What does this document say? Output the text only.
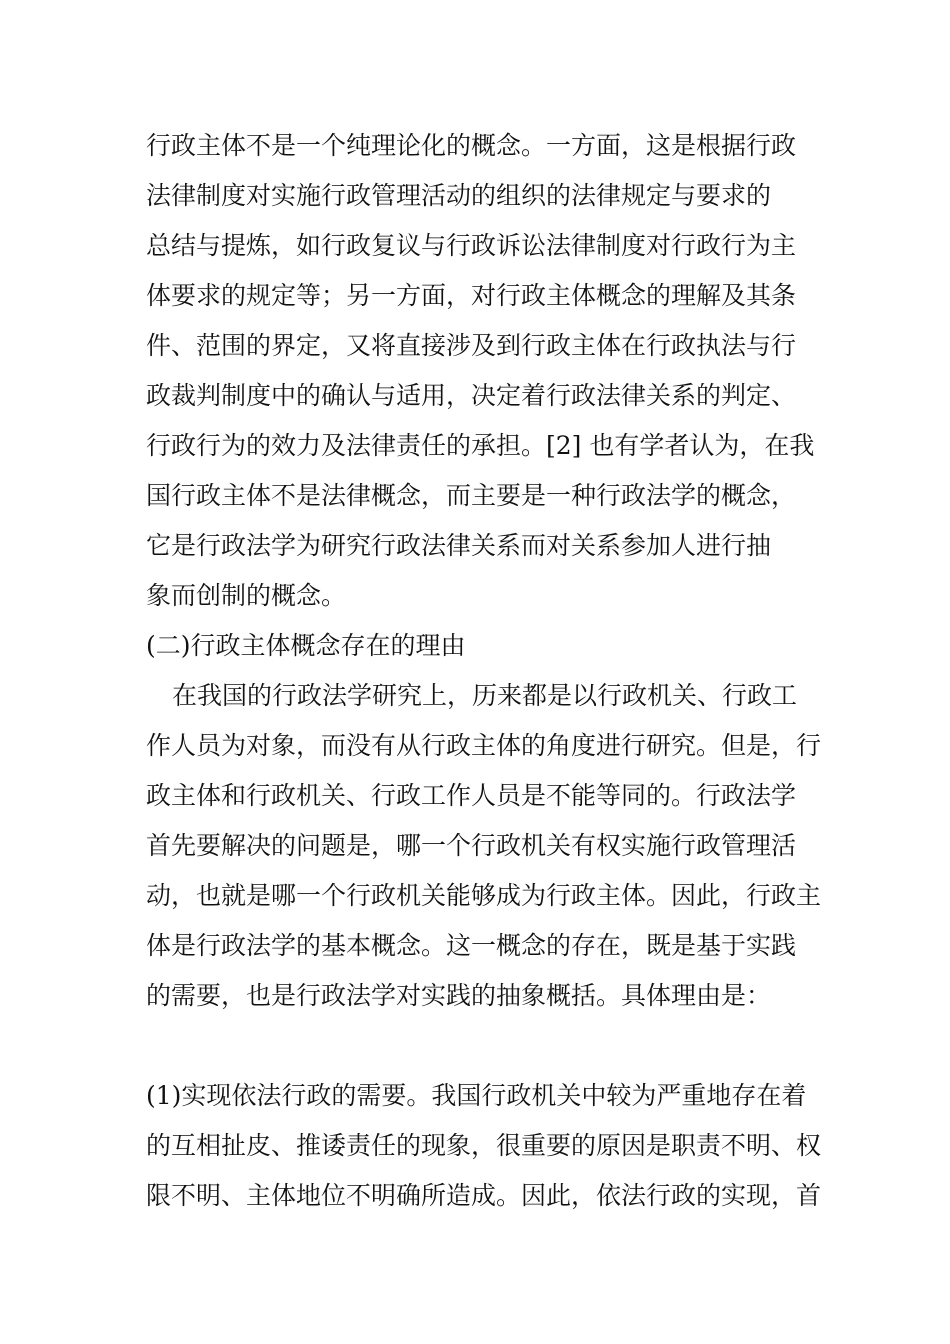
行政主体不是一个纯理论化的概念。一方面，这是根据行政
法律制度对实施行政管理活动的组织的法律规定与要求的
总结与提炼，如行政复议与行政诉讼法律制度对行政行为主
体要求的规定等；另一方面，对行政主体概念的理解及其条
件、范围的界定，又将直接涉及到行政主体在行政执法与行
政裁判制度中的确认与适用，决定着行政法律关系的判定、
行政行为的效力及法律责任的承担。[2] 也有学者认为，在我
国行政主体不是法律概念，而主要是一种行政法学的概念，
它是行政法学为研究行政法律关系而对关系参加人进行抽
象而创制的概念。
(二)行政主体概念存在的理由
在我国的行政法学研究上，历来都是以行政机关、行政工
作人员为对象，而没有从行政主体的角度进行研究。但是，行
政主体和行政机关、行政工作人员是不能等同的。行政法学
首先要解决的问题是，哪一个行政机关有权实施行政管理活
动，也就是哪一个行政机关能够成为行政主体。因此，行政主
体是行政法学的基本概念。这一概念的存在，既是基于实践
的需要，也是行政法学对实践的抽象概括。具体理由是：
(1)实现依法行政的需要。我国行政机关中较为严重地存在着
的互相扯皮、推诿责任的现象，很重要的原因是职责不明、权
限不明、主体地位不明确所造成。因此，依法行政的实现，首
